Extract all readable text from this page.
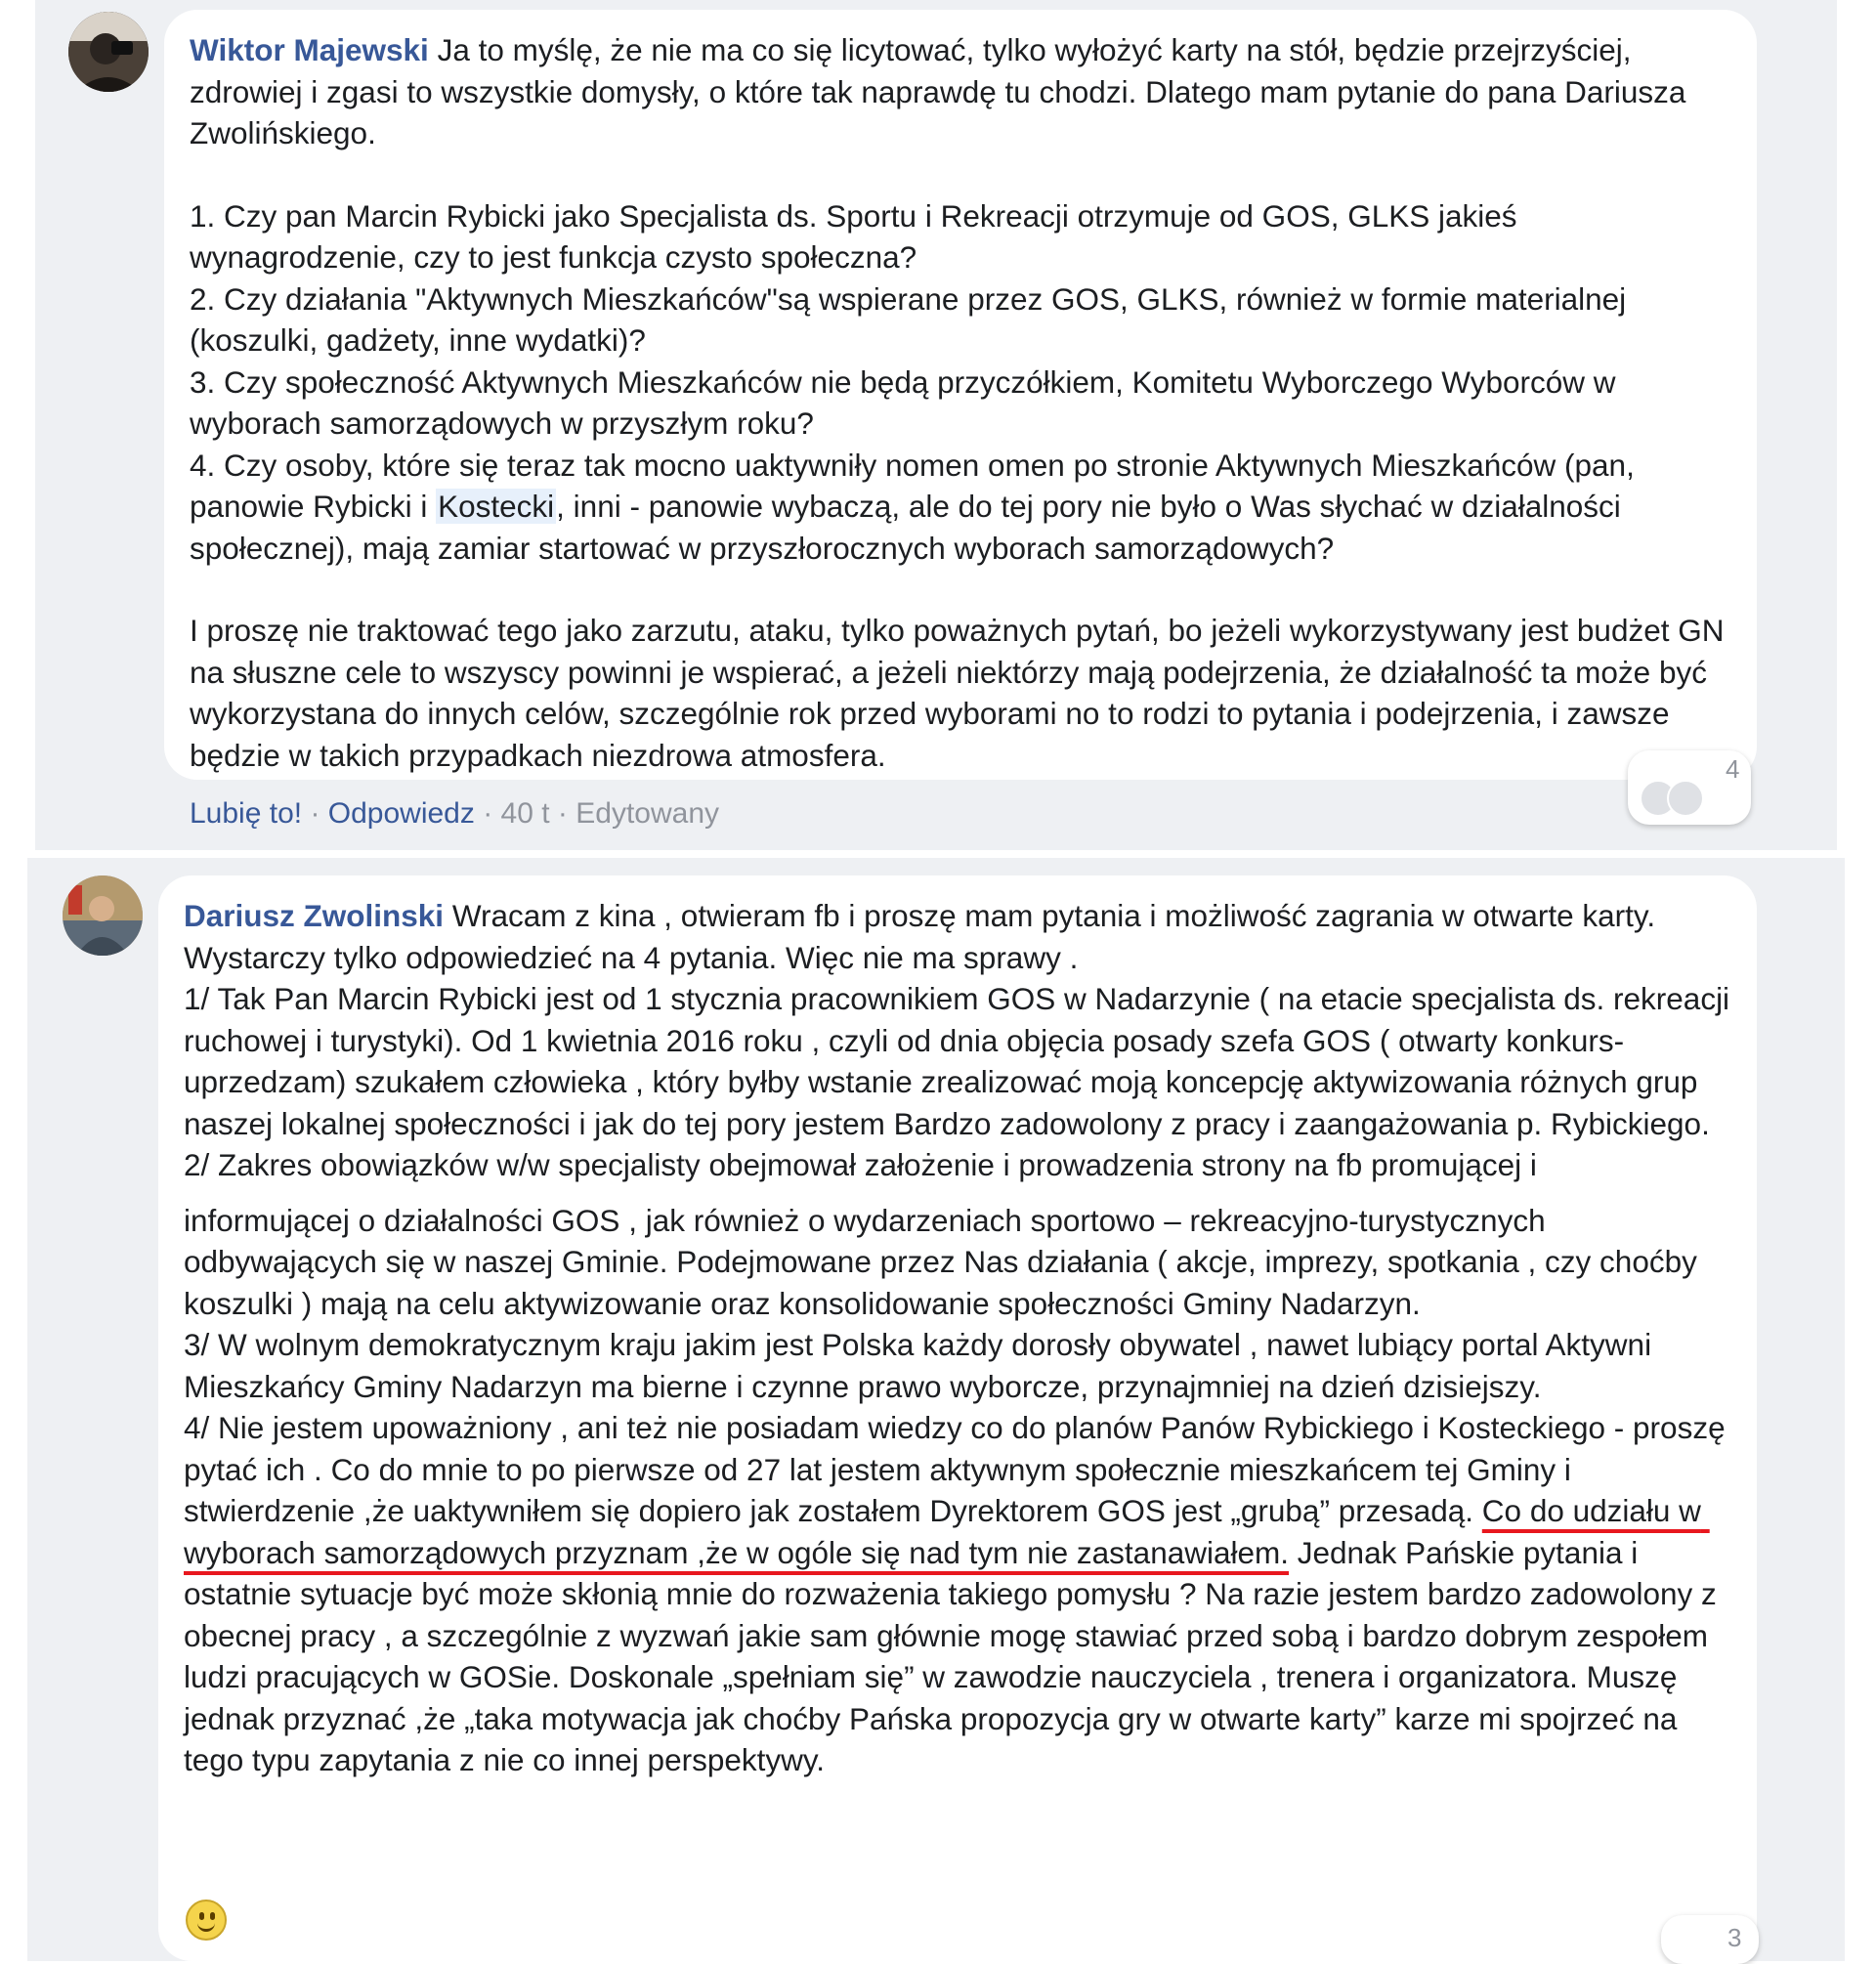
Wiktor Majewski Ja to myślę, że nie ma co się licytować, tylko wyłożyć karty na stół, będzie przejrzyściej, zdrowiej i zgasi to wszystkie domysły, o które tak naprawdę tu chodzi. Dlatego mam pytanie do pana Dariusza Zwolińskiego.
1. Czy pan Marcin Rybicki jako Specjalista ds. Sportu i Rekreacji otrzymuje od GOS, GLKS jakieś wynagrodzenie, czy to jest funkcja czysto społeczna?
2. Czy działania "Aktywnych Mieszkańców"są wspierane przez GOS, GLKS, również w formie materialnej (koszulki, gadżety, inne wydatki)?
3. Czy społeczność Aktywnych Mieszkańców nie będą przyczółkiem, Komitetu Wyborczego Wyborców w wyborach samorządowych w przyszłym roku?
4. Czy osoby, które się teraz tak mocno uaktywniły nomen omen po stronie Aktywnych Mieszkańców (pan, panowie Rybicki i Kostecki, inni - panowie wybaczą, ale do tej pory nie było o Was słychać w działalności społecznej), mają zamiar startować w przyszłorocznych wyborach samorządowych?
I proszę nie traktować tego jako zarzutu, ataku, tylko poważnych pytań, bo jeżeli wykorzystywany jest budżet GN na słuszne cele to wszyscy powinni je wspierać, a jeżeli niektórzy mają podejrzenia, że działalność ta może być wykorzystana do innych celów, szczególnie rok przed wyborami no to rodzi to pytania i podejrzenia, i zawsze będzie w takich przypadkach niezdrowa atmosfera.
Lubię to! · Odpowiedz · 40 t · Edytowany
4
Dariusz Zwolinski Wracam z kina , otwieram fb i proszę mam pytania i możliwość zagrania w otwarte karty. Wystarczy tylko odpowiedzieć na 4 pytania. Więc nie ma sprawy .
1/ Tak Pan Marcin Rybicki jest od 1 stycznia pracownikiem GOS w Nadarzynie ( na etacie specjalista ds. rekreacji ruchowej i turystyki). Od 1 kwietnia 2016 roku , czyli od dnia objęcia posady szefa GOS ( otwarty konkurs- uprzedzam) szukałem człowieka , który byłby wstanie zrealizować moją koncepcję aktywizowania różnych grup naszej lokalnej społeczności i jak do tej pory jestem Bardzo zadowolony z pracy i zaangażowania p. Rybickiego.
2/ Zakres obowiązków w/w specjalisty obejmował założenie i prowadzenia strony na fb promującej i
informującej o działalności GOS , jak również o wydarzeniach sportowo – rekreacyjno-turystycznych odbywających się w naszej Gminie. Podejmowane przez Nas działania ( akcje, imprezy, spotkania , czy choćby koszulki ) mają na celu aktywizowanie oraz konsolidowanie społeczności Gminy Nadarzyn.
3/ W wolnym demokratycznym kraju jakim jest Polska każdy dorosły obywatel , nawet lubiący portal Aktywni Mieszkańcy Gminy Nadarzyn ma bierne i czynne prawo wyborcze, przynajmniej na dzień dzisiejszy.
4/ Nie jestem upoważniony , ani też nie posiadam wiedzy co do planów Panów Rybickiego i Kosteckiego - proszę pytać ich . Co do mnie to po pierwsze od 27 lat jestem aktywnym społecznie mieszkańcem tej Gminy i stwierdzenie ,że uaktywniłem się dopiero jak zostałem Dyrektorem GOS jest „grubą” przesadą. Co do udziału w wyborach samorządowych przyznam ,że w ogóle się nad tym nie zastanawiałem. Jednak Pańskie pytania i ostatnie sytuacje być może skłonią mnie do rozważenia takiego pomysłu ? Na razie jestem bardzo zadowolony z obecnej pracy , a szczególnie z wyzwań jakie sam głównie mogę stawiać przed sobą i bardzo dobrym zespołem ludzi pracujących w GOSie. Doskonale „spełniam się” w zawodzie nauczyciela , trenera i organizatora. Muszę jednak przyznać ,że „taka motywacja jak choćby Pańska propozycja gry w otwarte karty” karze mi spojrzeć na tego typu zapytania z nie co innej perspektywy.
3
